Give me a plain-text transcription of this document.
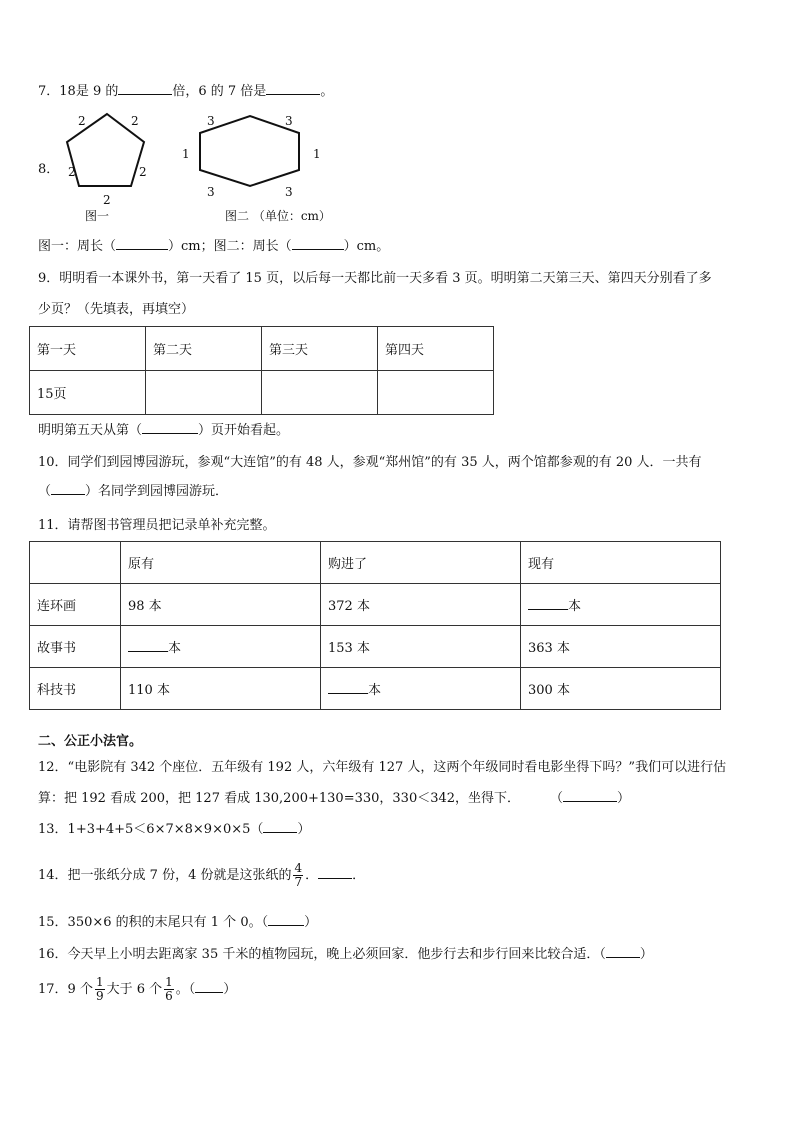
7．18是 9 的	倍，6 的 7 倍是	。
8．
2	2
2	2
2
图一
3	3
1	1
3	3
图二 （单位：cm）
图一：周长（	）cm；图二：周长（	）cm。
9．明明看一本课外书，第一天看了 15 页，以后每一天都比前一天多看 3 页。明明第二天第三天、第四天分别看了多
少页？（先填表，再填空）
第一天	第二天	第三天	第四天
15页			
明明第五天从第（	）页开始看起。
10．同学们到园博园游玩，参观“大连馆”的有 48 人，参观“郑州馆”的有 35 人，两个馆都参观的有 20 人．一共有
（	）名同学到园博园游玩．
11．请帮图书管理员把记录单补充完整。
	原有	购进了	现有
连环画	98 本	372 本	本
故事书	本	153 本	363 本
科技书	110 本	本	300 本
二、公正小法官。
12．“电影院有 342 个座位．五年级有 192 人，六年级有 127 人，这两个年级同时看电影坐得下吗？”我们可以进行估
算：把 192 看成 200，把 127 看成 130,200+130=330，330＜342，坐得下． （	）
13．1+3+4+5＜6×7×8×9×0×5（	）
14．把一张纸分成 7 份，4 份就是这张纸的 $\frac{4}{7}$ ．	．
15．350×6 的积的末尾只有 1 个 0。（	）
16．今天早上小明去距离家 35 千米的植物园玩，晚上必须回家．他步行去和步行回来比较合适．（	）
17．9 个 $\frac{1}{9}$ 大于 6 个 $\frac{1}{6}$ 。（ ）
